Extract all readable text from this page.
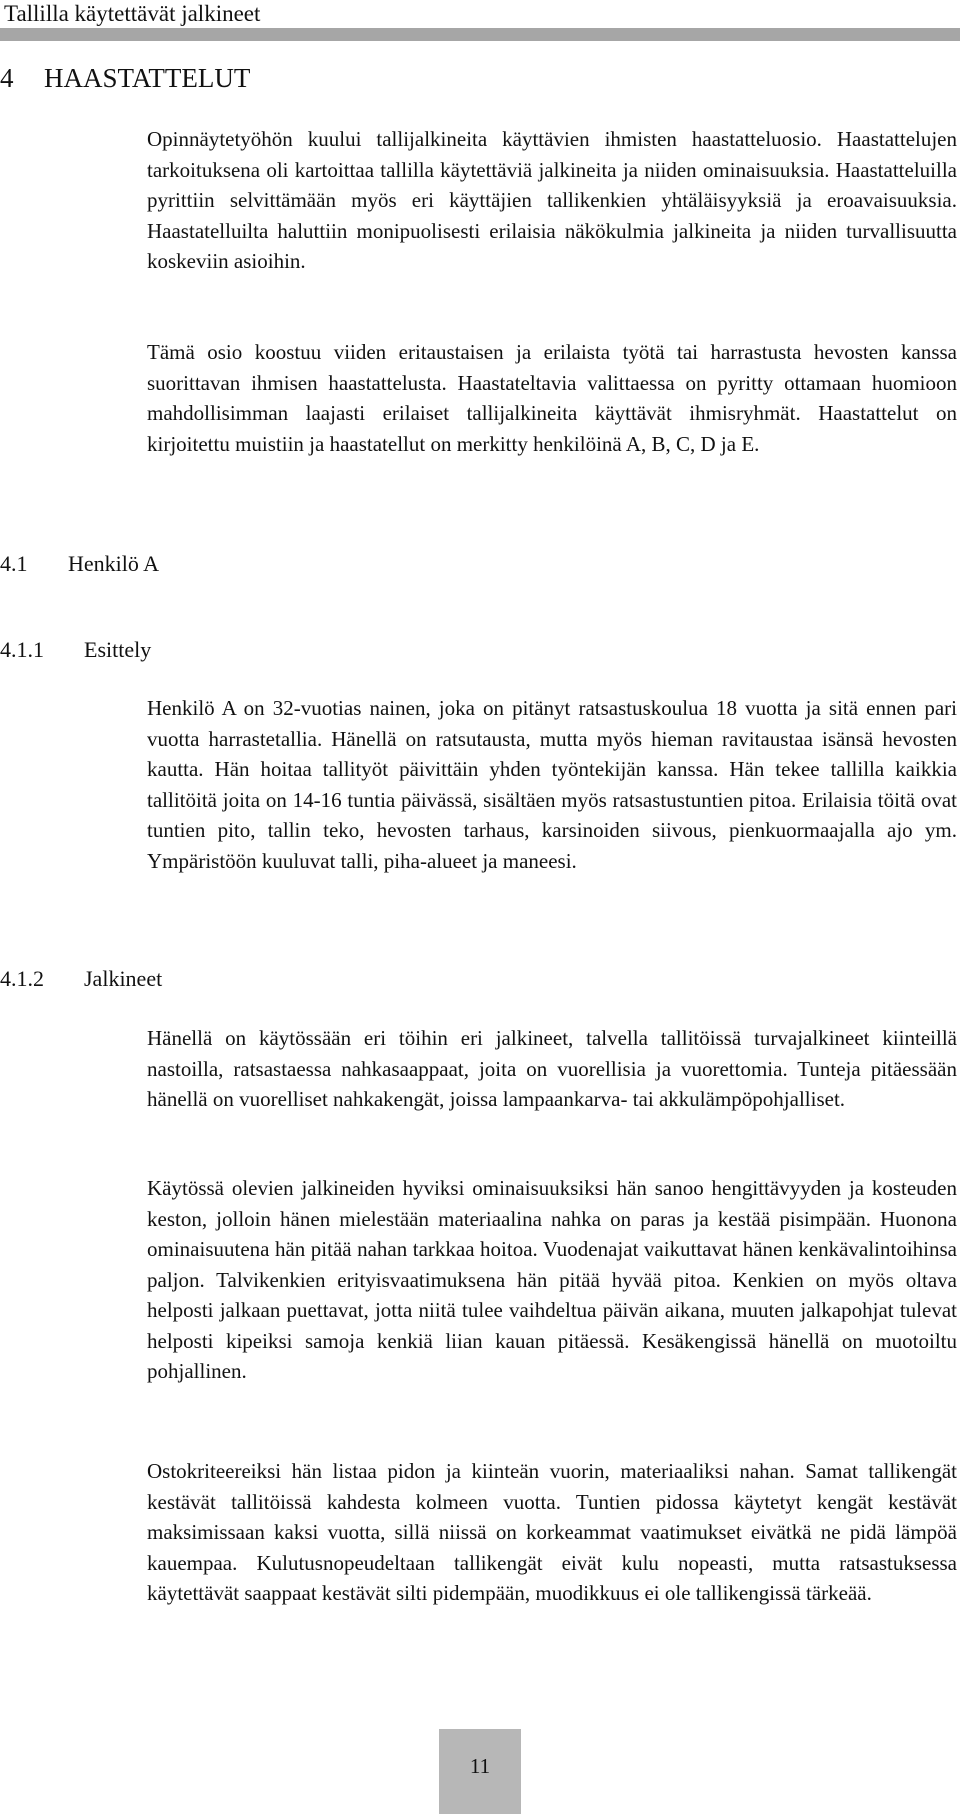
Tallilla käytettävät jalkineet
4 HAASTATTELUT

Opinnäytetyöhön kuului tallijalkineita käyttävien ihmisten haastatteluosio. Haastattelujen tarkoituksena oli kartoittaa tallilla käytettäviä jalkineita ja niiden ominaisuuksia. Haastatteluilla pyrittiin selvittämään myös eri käyttäjien tallikenkien yhtäläisyyksiä ja eroavaisuuksia. Haastatelluilta haluttiin monipuolisesti erilaisia näkökulmia jalkineita ja niiden turvallisuutta koskeviin asioihin.

Tämä osio koostuu viiden eritaustaisen ja erilaista työtä tai harrastusta hevosten kanssa suorittavan ihmisen haastattelusta. Haastateltavia valittaessa on pyritty ottamaan huomioon mahdollisimman laajasti erilaiset tallijalkineita käyttävät ihmisryhmät. Haastattelut on kirjoitettu muistiin ja haastatellut on merkitty henkilöinä A, B, C, D ja E.

4.1 Henkilö A
4.1.1 Esittely

Henkilö A on 32-vuotias nainen, joka on pitänyt ratsastuskoulua 18 vuotta ja sitä ennen pari vuotta harrastetallia. Hänellä on ratsutausta, mutta myös hieman ravitaustaa isänsä hevosten kautta. Hän hoitaa tallityöt päivittäin yhden työntekijän kanssa. Hän tekee tallilla kaikkia tallitöitä joita on 14-16 tuntia päivässä, sisältäen myös ratsastustuntien pitoa. Erilaisia töitä ovat tuntien pito, tallin teko, hevosten tarhaus, karsinoiden siivous, pienkuormaajalla ajo ym. Ympäristöön kuuluvat talli, piha-alueet ja maneesi.

4.1.2 Jalkineet

Hänellä on käytössään eri töihin eri jalkineet, talvella tallitöissä turvajalkineet kiinteillä nastoilla, ratsastaessa nahkasaappaat, joita on vuorellisia ja vuorettomia. Tunteja pitäessään hänellä on vuorelliset nahkakengät, joissa lampaankarva- tai akkulämpöpohjalliset.

Käytössä olevien jalkineiden hyviksi ominaisuuksiksi hän sanoo hengittävyyden ja kosteuden keston, jolloin hänen mielestään materiaalina nahka on paras ja kestää pisimpään. Huonona ominaisuutena hän pitää nahan tarkkaa hoitoa. Vuodenajat vaikuttavat hänen kenkävalintoihinsa paljon. Talvikenkien erityisvaatimuksena hän pitää hyvää pitoa. Kenkien on myös oltava helposti jalkaan puettavat, jotta niitä tulee vaihdeltua päivän aikana, muuten jalkapohjat tulevat helposti kipeiksi samoja kenkiä liian kauan pitäessä. Kesäkengissä hänellä on muotoiltu pohjallinen.

Ostokriteereiksi hän listaa pidon ja kiinteän vuorin, materiaaliksi nahan. Samat tallikengät kestävät tallitöissä kahdesta kolmeen vuotta. Tuntien pidossa käytetyt kengät kestävät maksimissaan kaksi vuotta, sillä niissä on korkeammat vaatimukset eivätkä ne pidä lämpöä kauempaa. Kulutusnopeudeltaan tallikengät eivät kulu nopeasti, mutta ratsastuksessa käytettävät saappaat kestävät silti pidempään, muodikkuus ei ole tallikengissä tärkeää.

11
